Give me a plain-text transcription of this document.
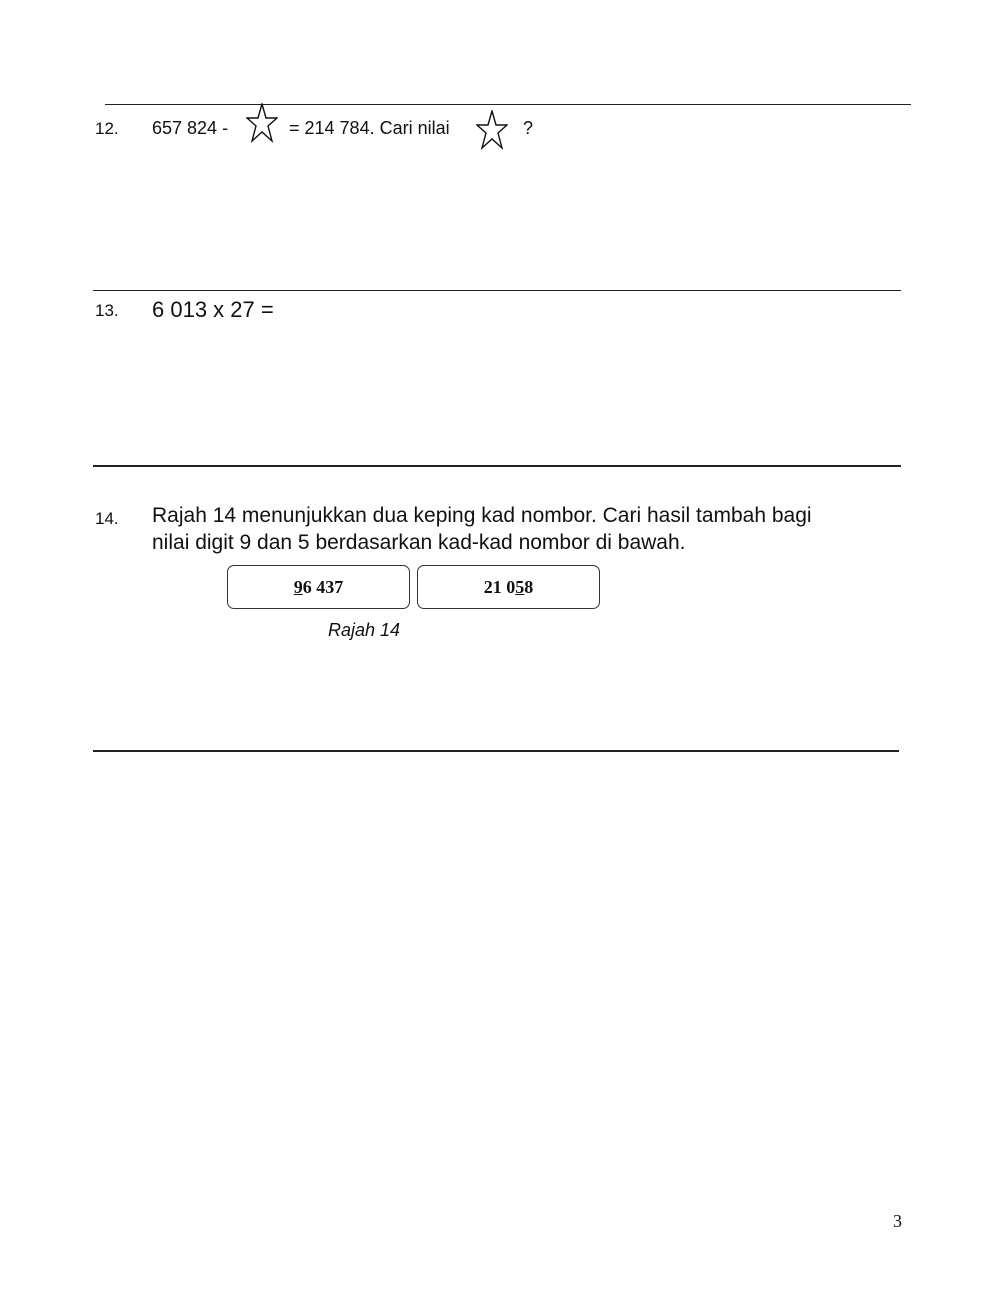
12. 657 824 -	= 214 784. Cari nilai	?
13. 6 013 x 27 =
14. Rajah 14 menunjukkan dua keping kad nombor. Cari hasil tambah bagi
nilai digit 9 dan 5 berdasarkan kad-kad nombor di bawah.
9 6 437	21 0 5 8
Rajah 14
3
